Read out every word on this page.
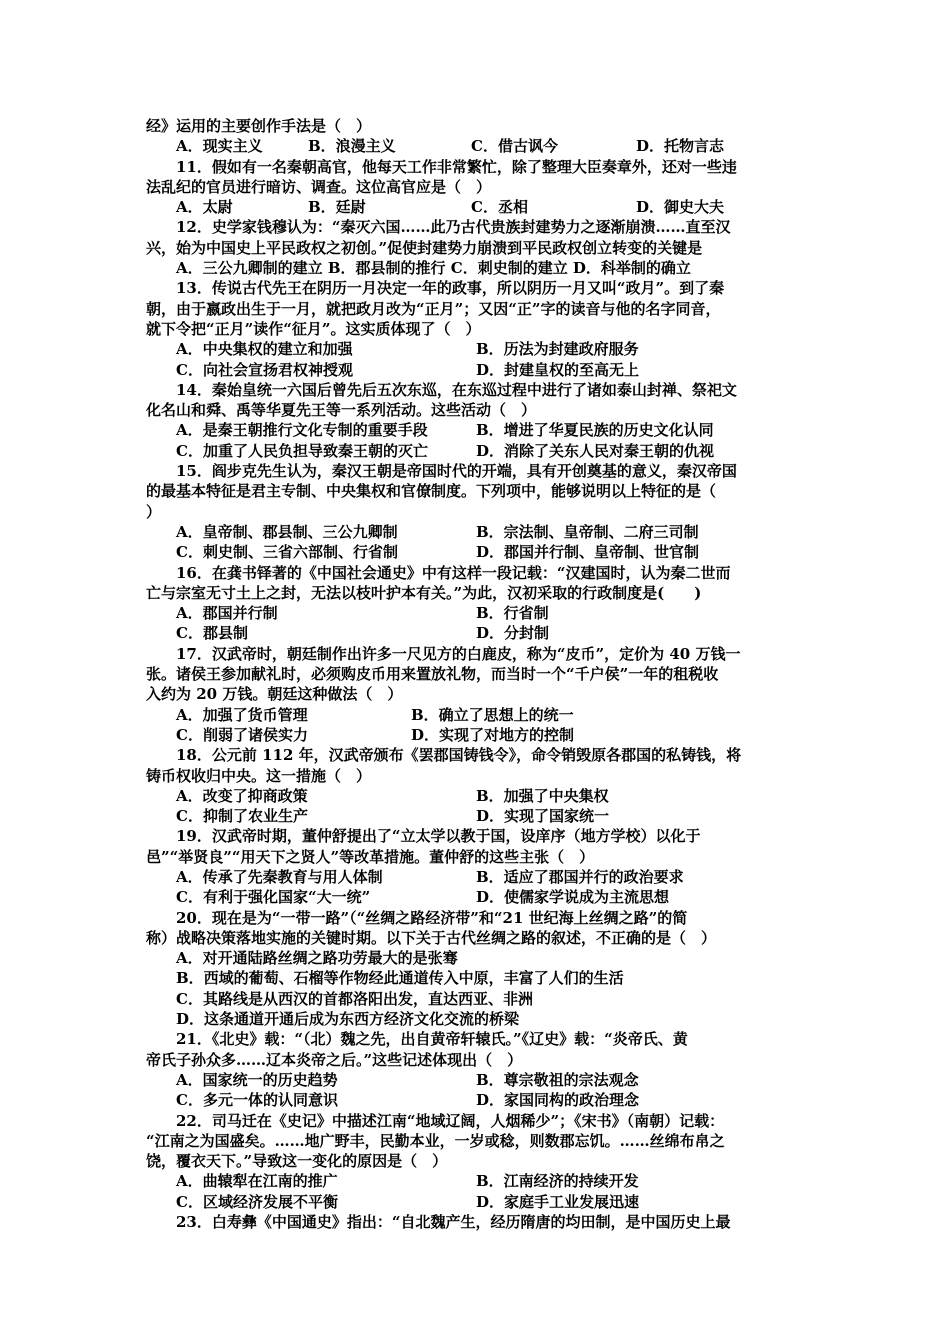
经》运用的主要创作手法是（　）
A．现实主义	B．浪漫主义	C．借古讽今	D．托物言志
11．假如有一名秦朝高官，他每天工作非常繁忙，除了整理大臣奏章外，还对一些违
法乱纪的官员进行暗访、调查。这位高官应是（　）
A．太尉	B．廷尉	C．丞相	D．御史大夫
12．史学家钱穆认为：“秦灭六国……此乃古代贵族封建势力之逐渐崩溃……直至汉
兴，始为中国史上平民政权之初创。”促使封建势力崩溃到平民政权创立转变的关键是
A．三公九卿制的建立 B．郡县制的推行 C．刺史制的建立 D．科举制的确立
13．传说古代先王在阴历一月决定一年的政事，所以阴历一月又叫“政月”。到了秦
朝，由于嬴政出生于一月，就把政月改为“正月”；又因“正”字的读音与他的名字同音，
就下令把“正月”读作“征月”。这实质体现了（　）
A．中央集权的建立和加强	B．历法为封建政府服务
C．向社会宣扬君权神授观	D．封建皇权的至高无上
14．秦始皇统一六国后曾先后五次东巡，在东巡过程中进行了诸如泰山封禅、祭祀文
化名山和舜、禹等华夏先王等一系列活动。这些活动（　）
A．是秦王朝推行文化专制的重要手段	B．增进了华夏民族的历史文化认同
C．加重了人民负担导致秦王朝的灭亡	D．消除了关东人民对秦王朝的仇视
15．阎步克先生认为，秦汉王朝是帝国时代的开端，具有开创奠基的意义，秦汉帝国
的最基本特征是君主专制、中央集权和官僚制度。下列项中，能够说明以上特征的是（
）
A．皇帝制、郡县制、三公九卿制	B．宗法制、皇帝制、二府三司制
C．刺史制、三省六部制、行省制	D．郡国并行制、皇帝制、世官制
16．在龚书铎著的《中国社会通史》中有这样一段记载：“汉建国时，认为秦二世而
亡与宗室无寸土上之封，无法以枝叶护本有关。”为此，汉初采取的行政制度是(　　)
A．郡国并行制	B．行省制
C．郡县制	D．分封制
17．汉武帝时，朝廷制作出许多一尺见方的白鹿皮，称为“皮币”，定价为 40 万钱一
张。诸侯王参加献礼时，必须购皮币用来置放礼物，而当时一个“千户侯”一年的租税收
入约为 20 万钱。朝廷这种做法（　）
A．加强了货币管理	B．确立了思想上的统一
C．削弱了诸侯实力	D．实现了对地方的控制
18．公元前 112 年，汉武帝颁布《罢郡国铸钱令》，命令销毁原各郡国的私铸钱，将
铸币权收归中央。这一措施（　）
A．改变了抑商政策	B．加强了中央集权
C．抑制了农业生产	D．实现了国家统一
19．汉武帝时期，董仲舒提出了“立太学以教于国，设庠序（地方学校）以化于
邑”“举贤良”“用天下之贤人”等改革措施。董仲舒的这些主张（　）
A．传承了先秦教育与用人体制	B．适应了郡国并行的政治要求
C．有利于强化国家“大一统”	D．使儒家学说成为主流思想
20．现在是为“一带一路”（“丝绸之路经济带”和“21 世纪海上丝绸之路”的简
称）战略决策落地实施的关键时期。以下关于古代丝绸之路的叙述，不正确的是（　）
A．对开通陆路丝绸之路功劳最大的是张骞
B．西域的葡萄、石榴等作物经此通道传入中原，丰富了人们的生活
C．其路线是从西汉的首都洛阳出发，直达西亚、非洲
D．这条通道开通后成为东西方经济文化交流的桥梁
21．《北史》载：“（北）魏之先，出自黄帝轩辕氏。”《辽史》载：“炎帝氏、黄
帝氏子孙众多……辽本炎帝之后。”这些记述体现出（　）
A．国家统一的历史趋势	B．尊宗敬祖的宗法观念
C．多元一体的认同意识	D．家国同构的政治理念
22．司马迁在《史记》中描述江南“地域辽阔，人烟稀少”；《宋书》（南朝）记载：
“江南之为国盛矣。……地广野丰，民勤本业，一岁或稔，则数郡忘饥。……丝绵布帛之
饶，覆衣天下。”导致这一变化的原因是（　）
A．曲辕犁在江南的推广	B．江南经济的持续开发
C．区域经济发展不平衡	D．家庭手工业发展迅速
23．白寿彝《中国通史》指出：“自北魏产生，经历隋唐的均田制，是中国历史上最
